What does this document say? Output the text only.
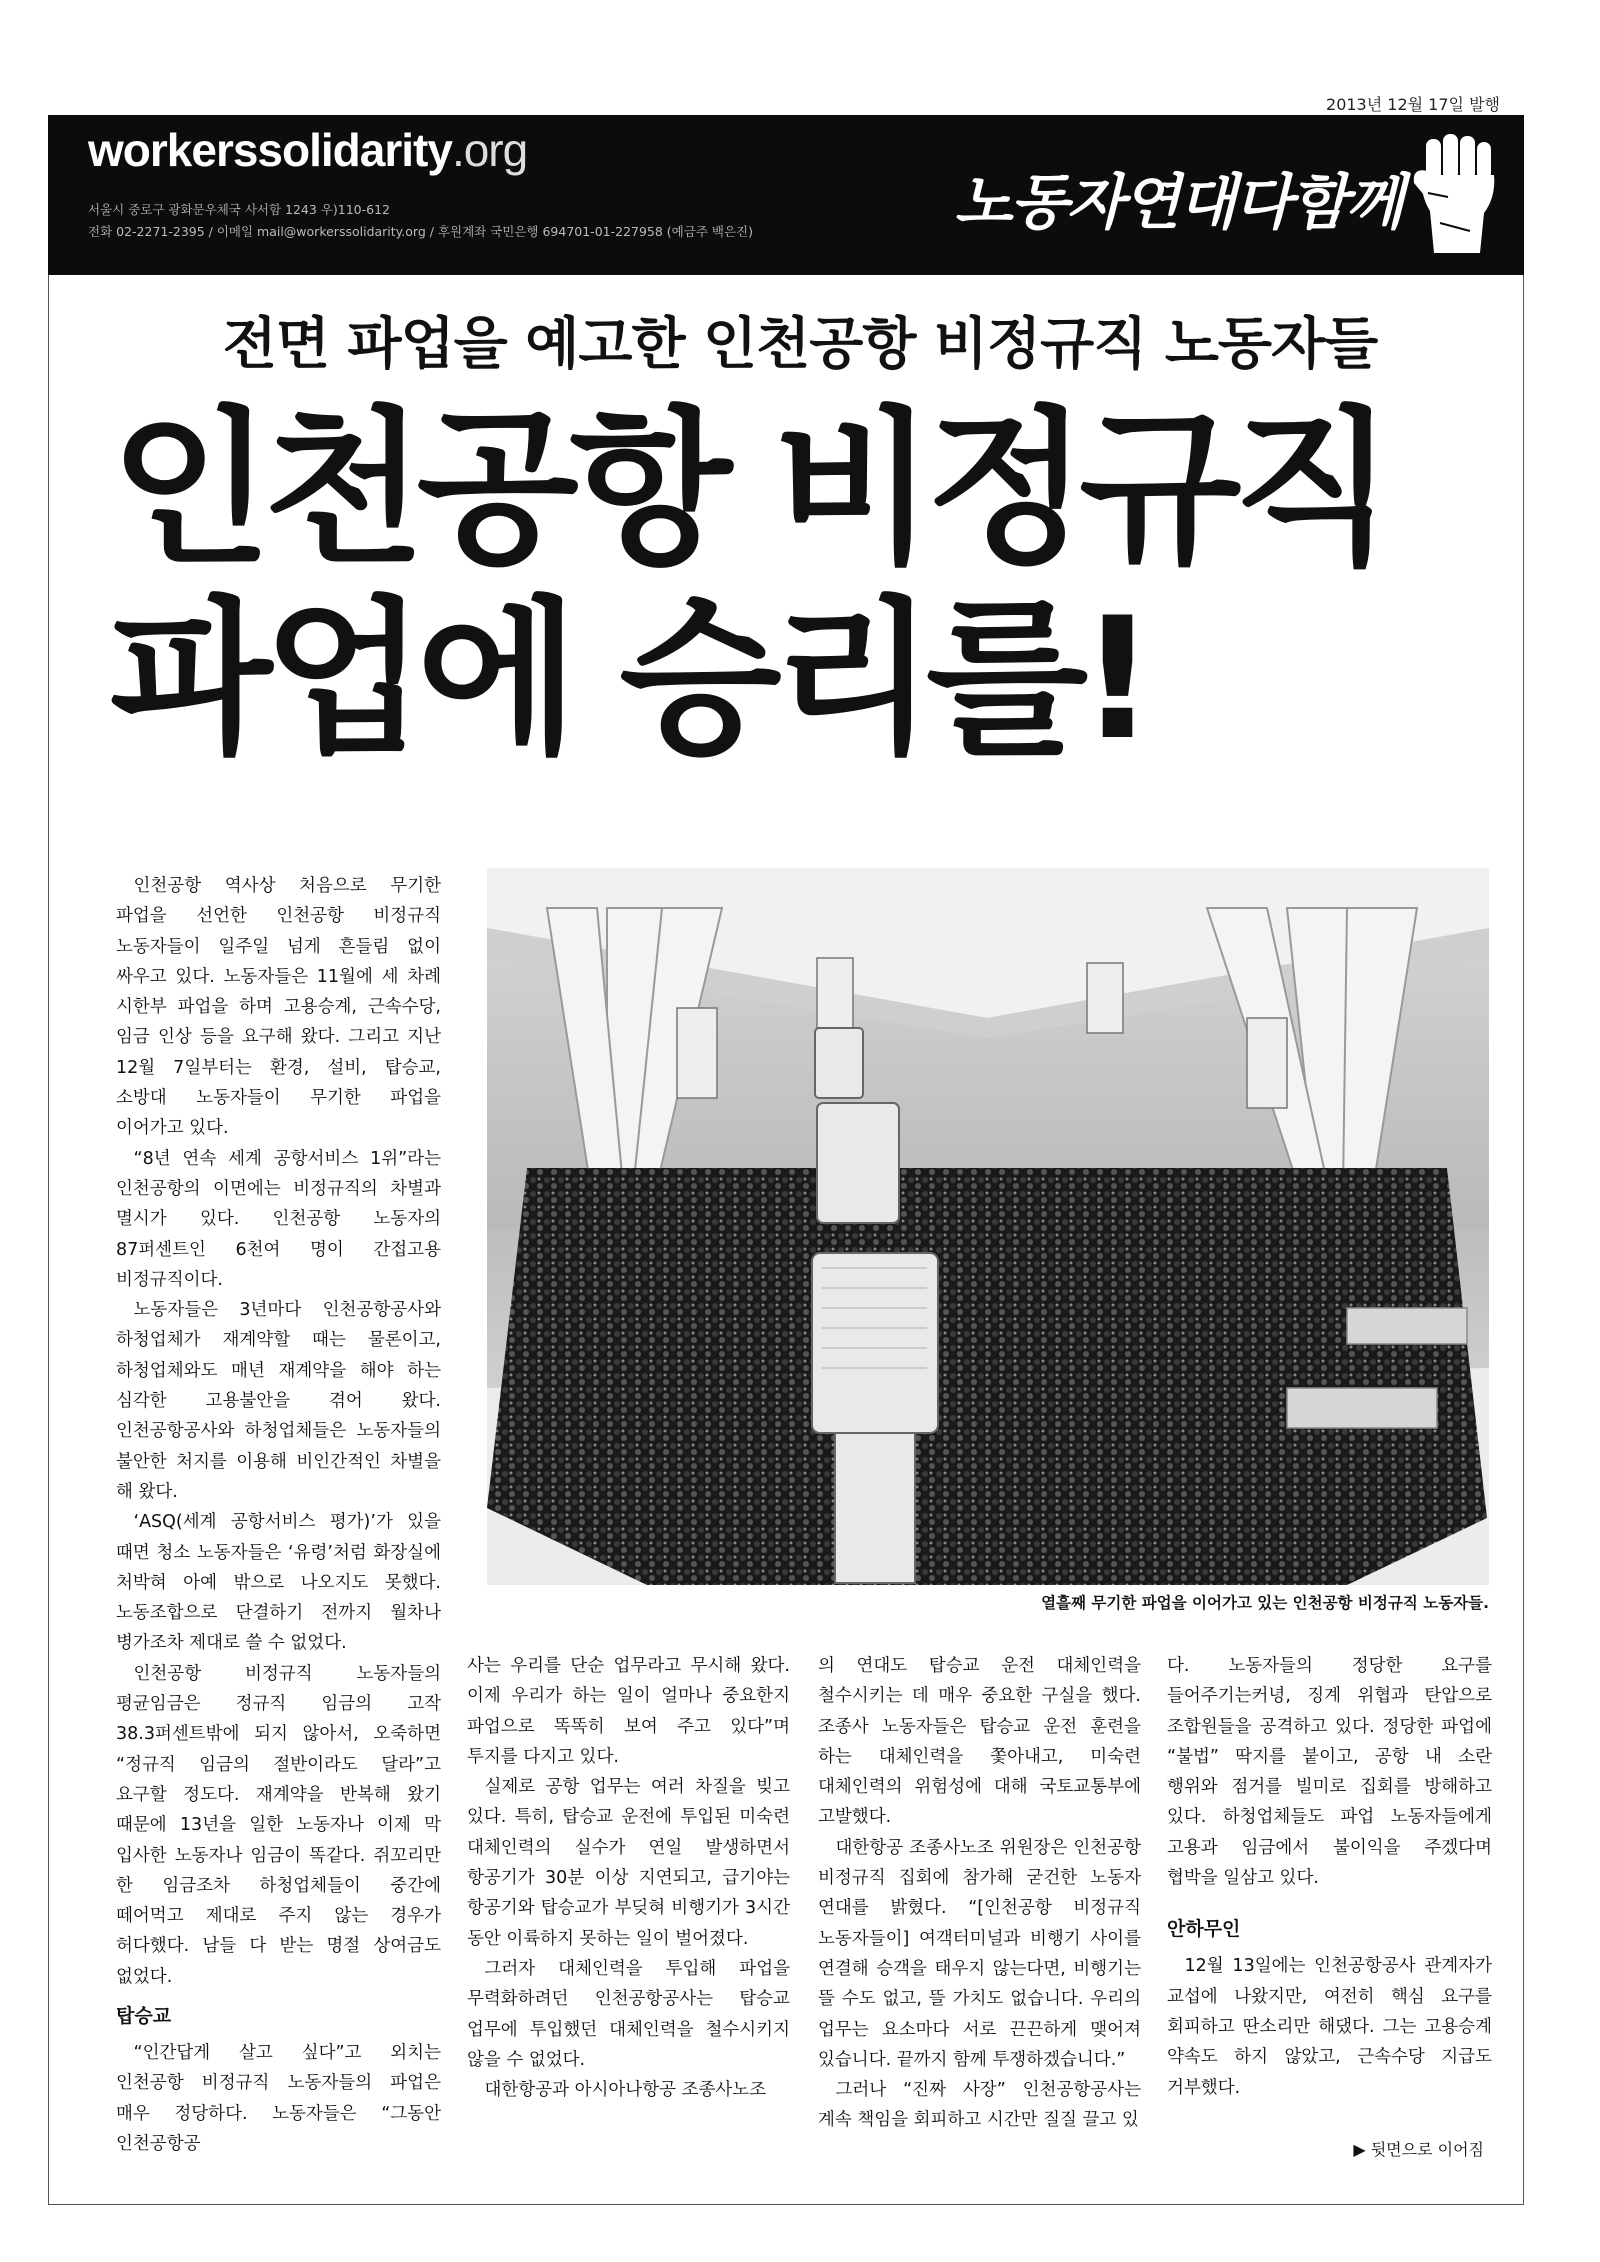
2013년 12월 17일 발행
workerssolidarity.org
서울시 중로구 광화문우체국 사서함 1243 우)110-612
전화 02-2271-2395 / 이메일 mail@workerssolidarity.org / 후원계좌 국민은행 694701-01-227958 (예금주 백은진)	노동자연대다함께
전면 파업을 예고한 인천공항 비정규직 노동자들
인천공항 비정규직
파업에 승리를!
열흘째 무기한 파업을 이어가고 있는 인천공항 비정규직 노동자들.

인천공항 역사상 처음으로 무기한 파업을 선언한 인천공항 비정규직 노동자들이 일주일 넘게 흔들림 없이 싸우고 있다. 노동자들은 11월에 세 차례 시한부 파업을 하며 고용승계, 근속수당, 임금 인상 등을 요구해 왔다. 그리고 지난 12월 7일부터는 환경, 설비, 탑승교, 소방대 노동자들이 무기한 파업을 이어가고 있다.

“8년 연속 세계 공항서비스 1위”라는 인천공항의 이면에는 비정규직의 차별과 멸시가 있다. 인천공항 노동자의 87퍼센트인 6천여 명이 간접고용 비정규직이다.

노동자들은 3년마다 인천공항공사와 하청업체가 재계약할 때는 물론이고, 하청업체와도 매년 재계약을 해야 하는 심각한 고용불안을 겪어 왔다. 인천공항공사와 하청업체들은 노동자들의 불안한 처지를 이용해 비인간적인 차별을 해 왔다.

‘ASQ(세계 공항서비스 평가)’가 있을 때면 청소 노동자들은 ‘유령’처럼 화장실에 처박혀 아예 밖으로 나오지도 못했다. 노동조합으로 단결하기 전까지 월차나 병가조차 제대로 쓸 수 없었다.

인천공항 비정규직 노동자들의 평균임금은 정규직 임금의 고작 38.3퍼센트밖에 되지 않아서, 오죽하면 “정규직 임금의 절반이라도 달라”고 요구할 정도다. 재계약을 반복해 왔기 때문에 13년을 일한 노동자나 이제 막 입사한 노동자나 임금이 똑같다. 쥐꼬리만 한 임금조차 하청업체들이 중간에 떼어먹고 제대로 주지 않는 경우가 허다했다. 남들 다 받는 명절 상여금도 없었다.

탑승교

“인간답게 살고 싶다”고 외치는 인천공항 비정규직 노동자들의 파업은 매우 정당하다. 노동자들은 “그동안 인천공항공

사는 우리를 단순 업무라고 무시해 왔다. 이제 우리가 하는 일이 얼마나 중요한지 파업으로 똑똑히 보여 주고 있다”며 투지를 다지고 있다.

실제로 공항 업무는 여러 차질을 빚고 있다. 특히, 탑승교 운전에 투입된 미숙련 대체인력의 실수가 연일 발생하면서 항공기가 30분 이상 지연되고, 급기야는 항공기와 탑승교가 부딪혀 비행기가 3시간 동안 이륙하지 못하는 일이 벌어졌다.

그러자 대체인력을 투입해 파업을 무력화하려던 인천공항공사는 탑승교 업무에 투입했던 대체인력을 철수시키지 않을 수 없었다.

대한항공과 아시아나항공 조종사노조

의 연대도 탑승교 운전 대체인력을 철수시키는 데 매우 중요한 구실을 했다. 조종사 노동자들은 탑승교 운전 훈련을 하는 대체인력을 쫓아내고, 미숙련 대체인력의 위험성에 대해 국토교통부에 고발했다.

대한항공 조종사노조 위원장은 인천공항 비정규직 집회에 참가해 굳건한 노동자 연대를 밝혔다. “[인천공항 비정규직 노동자들이] 여객터미널과 비행기 사이를 연결해 승객을 태우지 않는다면, 비행기는 뜰 수도 없고, 뜰 가치도 없습니다. 우리의 업무는 요소마다 서로 끈끈하게 맺어져 있습니다. 끝까지 함께 투쟁하겠습니다.”

그러나 “진짜 사장” 인천공항공사는 계속 책임을 회피하고 시간만 질질 끌고 있

다. 노동자들의 정당한 요구를 들어주기는커녕, 징계 위협과 탄압으로 조합원들을 공격하고 있다. 정당한 파업에 “불법” 딱지를 붙이고, 공항 내 소란 행위와 점거를 빌미로 집회를 방해하고 있다. 하청업체들도 파업 노동자들에게 고용과 임금에서 불이익을 주겠다며 협박을 일삼고 있다.

안하무인

12월 13일에는 인천공항공사 관계자가 교섭에 나왔지만, 여전히 핵심 요구를 회피하고 딴소리만 해댔다. 그는 고용승계 약속도 하지 않았고, 근속수당 지급도 거부했다.

▶ 뒷면으로 이어짐
